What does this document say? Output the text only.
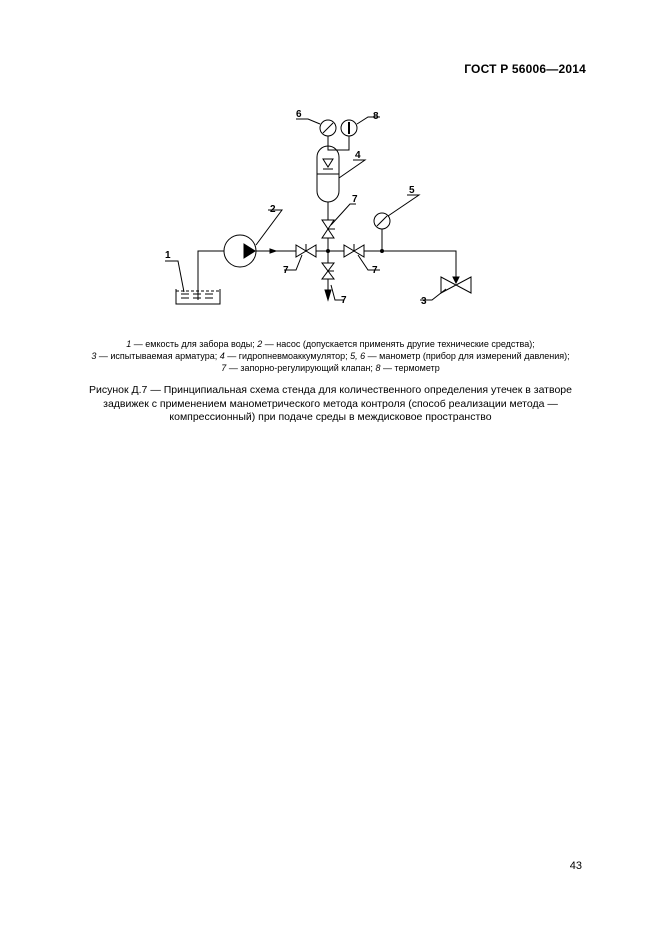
ГОСТ Р 56006—2014
1
2
3
4
5
6
7
7	7
7
8
1 — емкость для забора воды; 2 — насос (допускается применять другие технические средства);
3 — испытываемая арматура; 4 — гидропневмоаккумулятор; 5, 6 — манометр (прибор для измерений давления);
7 — запорно-регулирующий клапан; 8 — термометр
Рисунок Д.7 — Принципиальная схема стенда для количественного определения утечек в затворе
задвижек с применением манометрического метода контроля (способ реализации метода —
компрессионный) при подаче среды в междисковое пространство
43
